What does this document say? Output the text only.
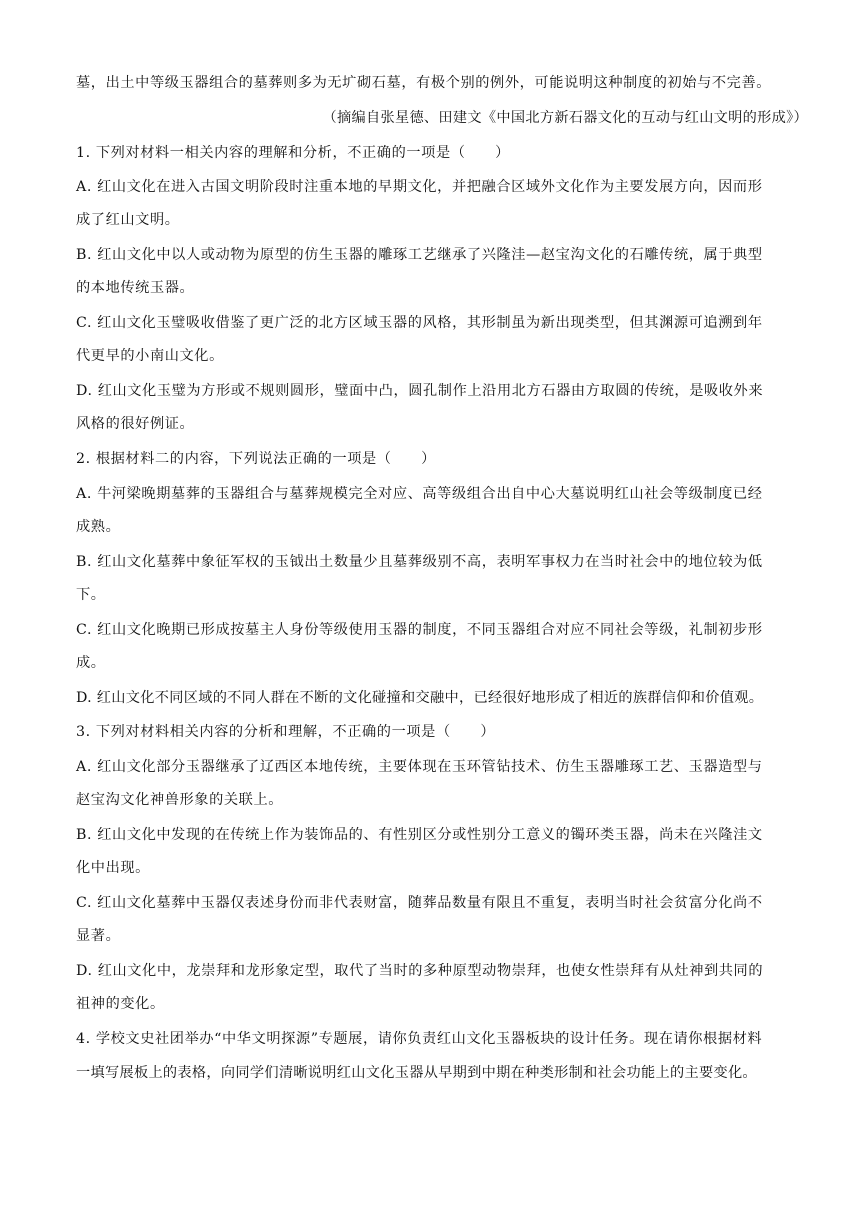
墓，出土中等级玉器组合的墓葬则多为无圹砌石墓，有极个别的例外，可能说明这种制度的初始与不完善。
（摘编自张星德、田建文《中国北方新石器文化的互动与红山文明的形成》）
1. 下列对材料一相关内容的理解和分析，不正确的一项是（　　）
A. 红山文化在进入古国文明阶段时注重本地的早期文化，并把融合区域外文化作为主要发展方向，因而形
成了红山文明。
B. 红山文化中以人或动物为原型的仿生玉器的雕琢工艺继承了兴隆洼—赵宝沟文化的石雕传统，属于典型
的本地传统玉器。
C. 红山文化玉璧吸收借鉴了更广泛的北方区域玉器的风格，其形制虽为新出现类型，但其渊源可追溯到年
代更早的小南山文化。
D. 红山文化玉璧为方形或不规则圆形，璧面中凸，圆孔制作上沿用北方石器由方取圆的传统，是吸收外来
风格的很好例证。
2. 根据材料二的内容，下列说法正确的一项是（　　）
A. 牛河梁晚期墓葬的玉器组合与墓葬规模完全对应、高等级组合出自中心大墓说明红山社会等级制度已经
成熟。
B. 红山文化墓葬中象征军权的玉钺出土数量少且墓葬级别不高，表明军事权力在当时社会中的地位较为低
下。
C. 红山文化晚期已形成按墓主人身份等级使用玉器的制度，不同玉器组合对应不同社会等级，礼制初步形
成。
D. 红山文化不同区域的不同人群在不断的文化碰撞和交融中，已经很好地形成了相近的族群信仰和价值观。
3. 下列对材料相关内容的分析和理解，不正确的一项是（　　）
A. 红山文化部分玉器继承了辽西区本地传统，主要体现在玉环管钻技术、仿生玉器雕琢工艺、玉器造型与
赵宝沟文化神兽形象的关联上。
B. 红山文化中发现的在传统上作为装饰品的、有性别区分或性别分工意义的镯环类玉器，尚未在兴隆洼文
化中出现。
C. 红山文化墓葬中玉器仅表述身份而非代表财富，随葬品数量有限且不重复，表明当时社会贫富分化尚不
显著。
D. 红山文化中，龙崇拜和龙形象定型，取代了当时的多种原型动物崇拜，也使女性崇拜有从灶神到共同的
祖神的变化。
4. 学校文史社团举办“中华文明探源”专题展，请你负责红山文化玉器板块的设计任务。现在请你根据材料
一填写展板上的表格，向同学们清晰说明红山文化玉器从早期到中期在种类形制和社会功能上的主要变化。
